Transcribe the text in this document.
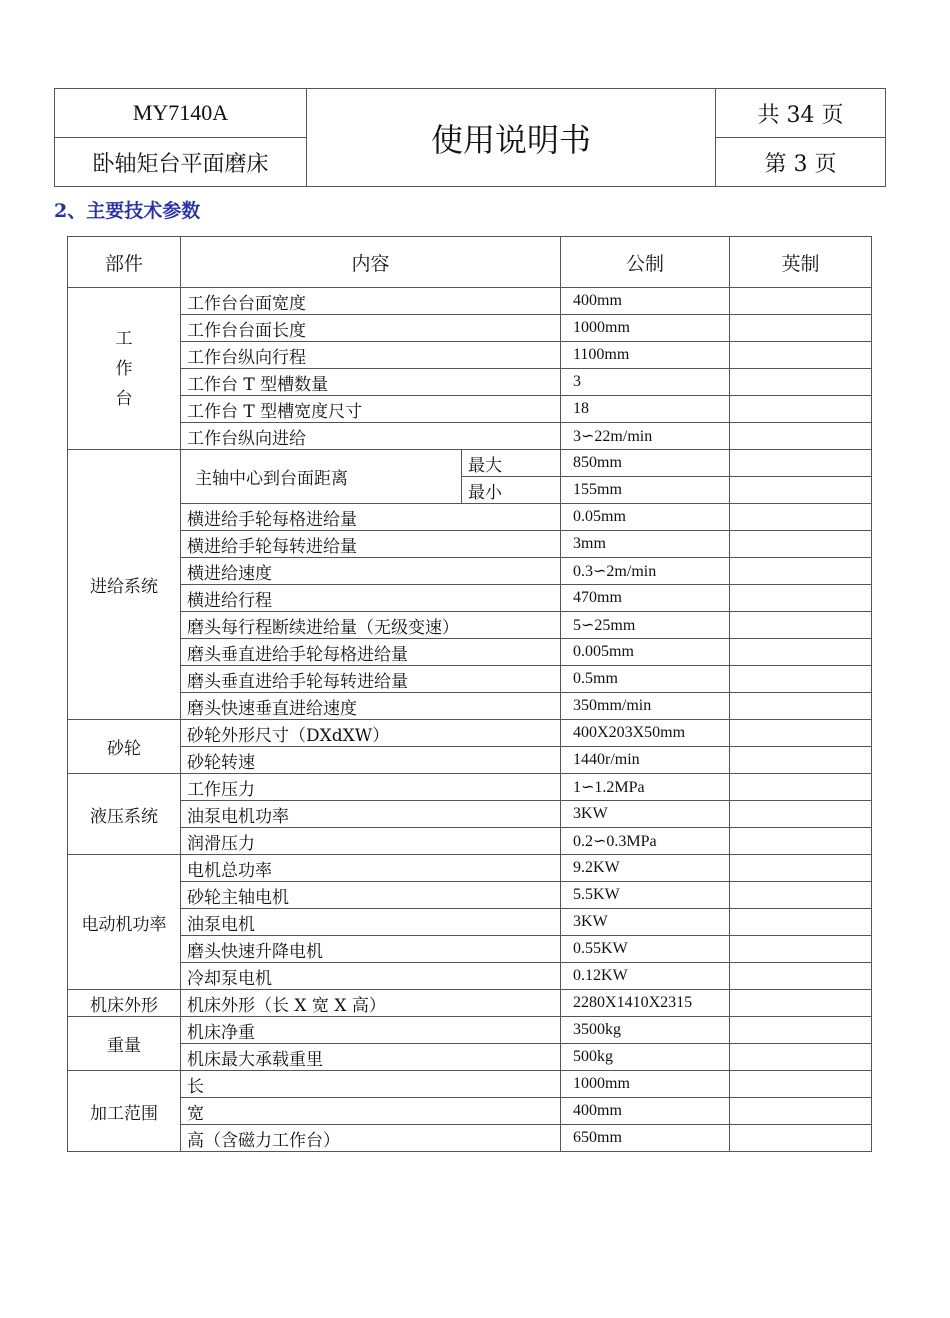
MY7140A	使用说明书	共 34 页
卧轴矩台平面磨床		第 3 页
2、主要技术参数
部件	内容		公制	英制

工
作
台	工作台台面宽度		400mm	
	工作台台面长度		1000mm	
	工作台纵向行程		1100mm	
	工作台 T 型槽数量		3	
	工作台 T 型槽宽度尺寸		18	
	工作台纵向进给		3∽22m/min	
进给系统	主轴中心到台面距离	最大	850mm	
		最小	155mm	
	横进给手轮每格进给量		0.05mm	
	横进给手轮每转进给量		3mm	
	横进给速度		0.3∽2m/min	
	横进给行程		470mm	
	磨头每行程断续进给量（无级变速）		5∽25mm	
	磨头垂直进给手轮每格进给量		0.005mm	
	磨头垂直进给手轮每转进给量		0.5mm	
	磨头快速垂直进给速度		350mm/min	
砂轮	砂轮外形尺寸（DXdXW）		400X203X50mm	
	砂轮转速		1440r/min	
液压系统	工作压力		1∽1.2MPa	
	油泵电机功率		3KW	
	润滑压力		0.2∽0.3MPa	
电动机功率	电机总功率		9.2KW	
	砂轮主轴电机		5.5KW	
	油泵电机		3KW	
	磨头快速升降电机		0.55KW	
	冷却泵电机		0.12KW	
机床外形	机床外形（长 X 宽 X 高）		2280X1410X2315	
重量	机床净重		3500kg	
	机床最大承载重里		500kg	
加工范围	长		1000mm	
	宽		400mm	
	高（含磁力工作台）		650mm	
